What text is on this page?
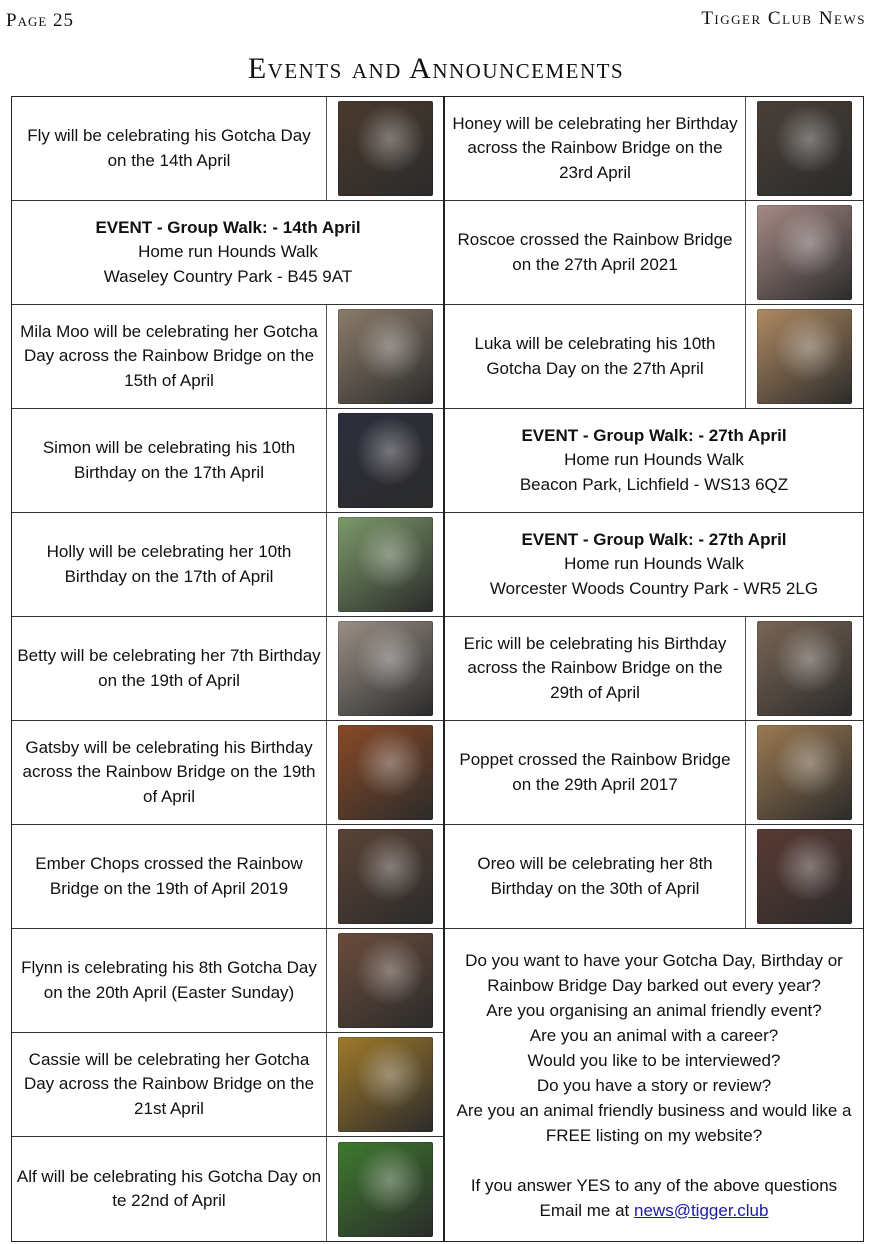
Page 25	Tigger Club News
Events and Announcements
Fly will be celebrating his Gotcha Day on the 14th April
EVENT - Group Walk: - 14th April
Home run Hounds Walk
Waseley Country Park - B45 9AT
Mila Moo will be celebrating her Gotcha Day across the Rainbow Bridge on the 15th of April
Simon will be celebrating his 10th Birthday on the 17th April
Holly will be celebrating her 10th Birthday on the 17th of April
Betty will be celebrating her 7th Birthday on the 19th of April
Gatsby will be celebrating his Birthday across the Rainbow Bridge on the 19th of April
Ember Chops crossed the Rainbow Bridge on the 19th of April 2019
Flynn is celebrating his 8th Gotcha Day on the 20th April (Easter Sunday)
Cassie will be celebrating her Gotcha Day across the Rainbow Bridge on the 21st April
Alf will be celebrating his Gotcha Day on te 22nd of April
Honey will be celebrating her Birthday across the Rainbow Bridge on the 23rd April
Roscoe crossed the Rainbow Bridge on the 27th April 2021
Luka will be celebrating his 10th Gotcha Day on the 27th April
EVENT - Group Walk: - 27th April
Home run Hounds Walk
Beacon Park, Lichfield - WS13 6QZ
EVENT - Group Walk: - 27th April
Home run Hounds Walk
Worcester Woods Country Park - WR5 2LG
Eric will be celebrating his Birthday across the Rainbow Bridge on the 29th of April
Poppet crossed the Rainbow Bridge on the 29th April 2017
Oreo will be celebrating her 8th Birthday on the 30th of April
Do you want to have your Gotcha Day, Birthday or Rainbow Bridge Day barked out every year?
Are you organising an animal friendly event?
Are you an animal with a career?
Would you like to be interviewed?
Do you have a story or review?
Are you an animal friendly business and would like a FREE listing on my website?
If you answer YES to any of the above questions
Email me at news@tigger.club
